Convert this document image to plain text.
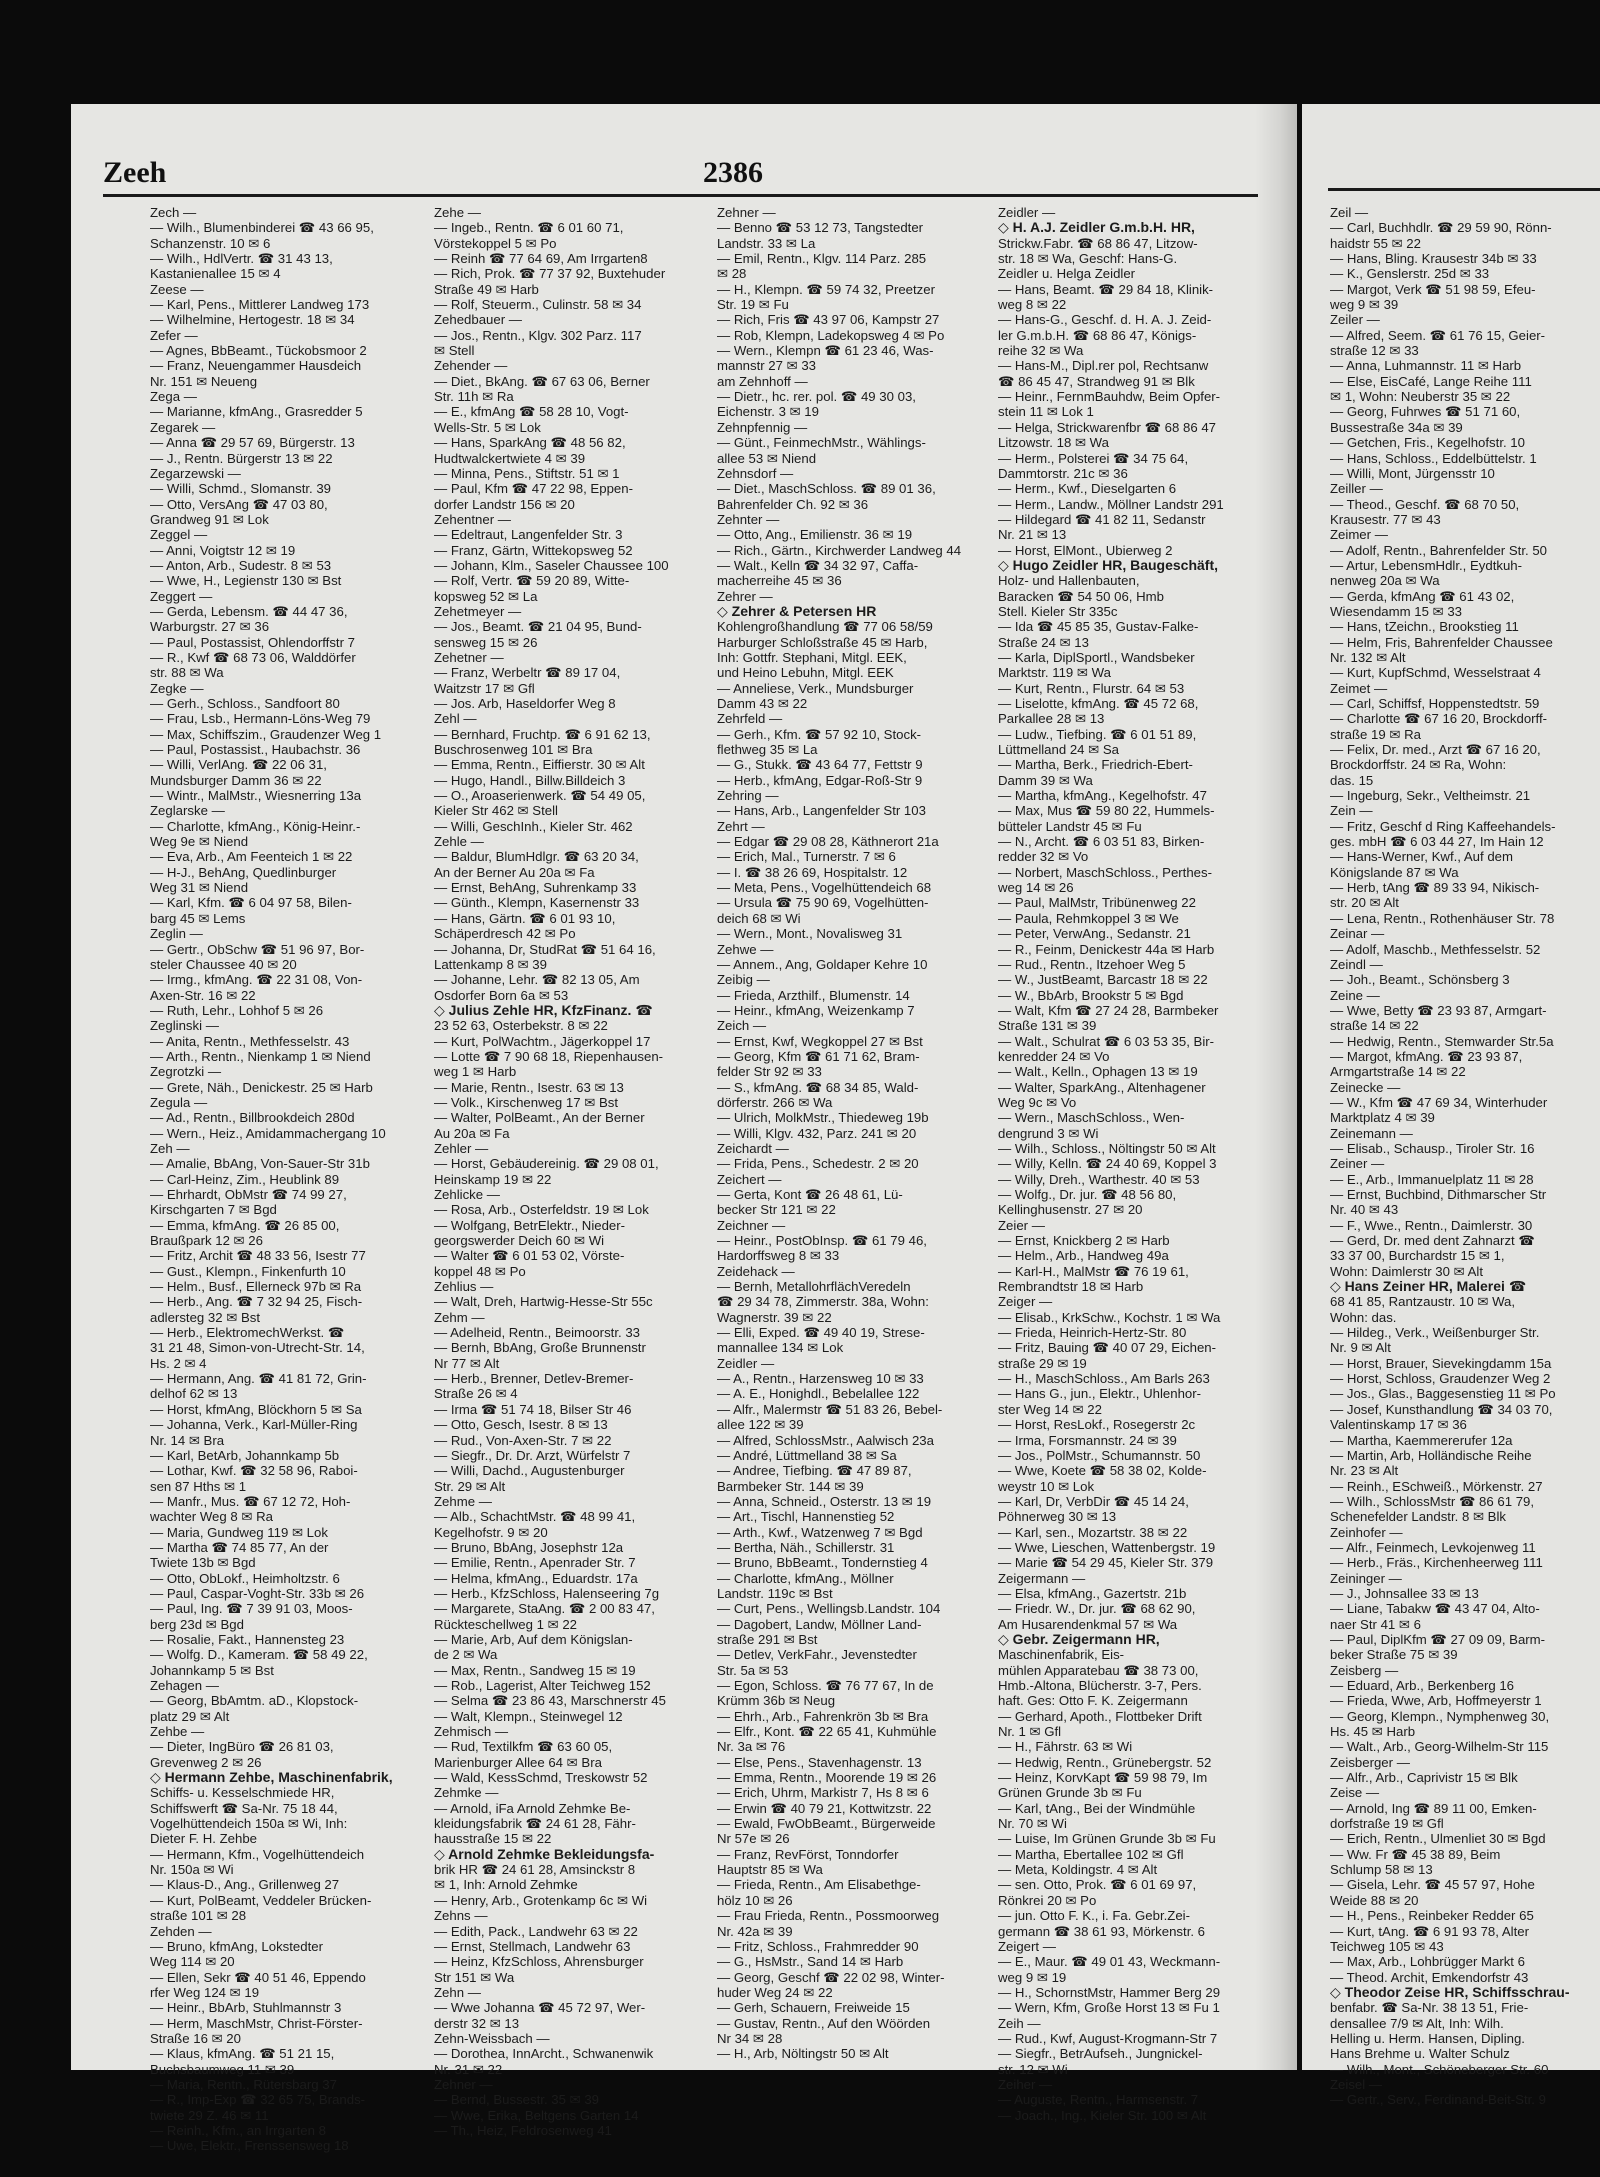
Zeeh	2386
Zech —
— Wilh., Blumenbinderei ☎ 43 66 95,
Schanzenstr. 10 ✉ 6
— Wilh., HdlVertr. ☎ 31 43 13,
Kastanienallee 15 ✉ 4
Zeese —
— Karl, Pens., Mittlerer Landweg 173
— Wilhelmine, Hertogestr. 18 ✉ 34
Zefer —
— Agnes, BbBeamt., Tückobsmoor 2
— Franz, Neuengammer Hausdeich
Nr. 151 ✉ Neueng
Zega —
— Marianne, kfmAng., Grasredder 5
Zegarek —
— Anna ☎ 29 57 69, Bürgerstr. 13
— J., Rentn. Bürgerstr 13 ✉ 22
Zegarzewski —
— Willi, Schmd., Slomanstr. 39
— Otto, VersAng ☎ 47 03 80,
Grandweg 91 ✉ Lok
Zeggel —
— Anni, Voigtstr 12 ✉ 19
— Anton, Arb., Sudestr. 8 ✉ 53
— Wwe, H., Legienstr 130 ✉ Bst
Zeggert —
— Gerda, Lebensm. ☎ 44 47 36,
Warburgstr. 27 ✉ 36
— Paul, Postassist, Ohlendorffstr 7
— R., Kwf ☎ 68 73 06, Walddörfer
str. 88 ✉ Wa
Zegke —
— Gerh., Schloss., Sandfoort 80
— Frau, Lsb., Hermann-Löns-Weg 79
— Max, Schiffszim., Graudenzer Weg 1
— Paul, Postassist., Haubachstr. 36
— Willi, VerlAng. ☎ 22 06 31,
Mundsburger Damm 36 ✉ 22
— Wintr., MalMstr., Wiesnerring 13a
Zeglarske —
— Charlotte, kfmAng., König-Heinr.-
Weg 9e ✉ Niend
— Eva, Arb., Am Feenteich 1 ✉ 22
— H-J., BehAng, Quedlinburger
Weg 31 ✉ Niend
— Karl, Kfm. ☎ 6 04 97 58, Bilen-
barg 45 ✉ Lems
Zeglin —
— Gertr., ObSchw ☎ 51 96 97, Bor-
steler Chaussee 40 ✉ 20
— Irmg., kfmAng. ☎ 22 31 08, Von-
Axen-Str. 16 ✉ 22
— Ruth, Lehr., Lohhof 5 ✉ 26
Zeglinski —
— Anita, Rentn., Methfesselstr. 43
— Arth., Rentn., Nienkamp 1 ✉ Niend
Zegrotzki —
— Grete, Näh., Denickestr. 25 ✉ Harb
Zegula —
— Ad., Rentn., Billbrookdeich 280d
— Wern., Heiz., Amidammachergang 10
Zeh —
— Amalie, BbAng, Von-Sauer-Str 31b
— Carl-Heinz, Zim., Heublink 89
— Ehrhardt, ObMstr ☎ 74 99 27,
Kirschgarten 7 ✉ Bgd
— Emma, kfmAng. ☎ 26 85 00,
Braußpark 12 ✉ 26
— Fritz, Archit ☎ 48 33 56, Isestr 77
— Gust., Klempn., Finkenfurth 10
— Helm., Busf., Ellerneck 97b ✉ Ra
— Herb., Ang. ☎ 7 32 94 25, Fisch-
adlersteg 32 ✉ Bst
— Herb., ElektromechWerkst. ☎
31 21 48, Simon-von-Utrecht-Str. 14,
Hs. 2 ✉ 4
— Hermann, Ang. ☎ 41 81 72, Grin-
delhof 62 ✉ 13
— Horst, kfmAng, Blöckhorn 5 ✉ Sa
— Johanna, Verk., Karl-Müller-Ring
Nr. 14 ✉ Bra
— Karl, BetArb, Johannkamp 5b
— Lothar, Kwf. ☎ 32 58 96, Raboi-
sen 87 Hths ✉ 1
— Manfr., Mus. ☎ 67 12 72, Hoh-
wachter Weg 8 ✉ Ra
— Maria, Gundweg 119 ✉ Lok
— Martha ☎ 74 85 77, An der
Twiete 13b ✉ Bgd
— Otto, ObLokf., Heimholtzstr. 6
— Paul, Caspar-Voght-Str. 33b ✉ 26
— Paul, Ing. ☎ 7 39 91 03, Moos-
berg 23d ✉ Bgd
— Rosalie, Fakt., Hannensteg 23
— Wolfg. D., Kameram. ☎ 58 49 22,
Johannkamp 5 ✉ Bst
Zehagen —
— Georg, BbAmtm. aD., Klopstock-
platz 29 ✉ Alt
Zehbe —
— Dieter, IngBüro ☎ 26 81 03,
Grevenweg 2 ✉ 26
◇ Hermann Zehbe, Maschinenfabrik,
Schiffs- u. Kesselschmiede HR,
Schiffswerft ☎ Sa-Nr. 75 18 44,
Vogelhüttendeich 150a ✉ Wi, Inh:
Dieter F. H. Zehbe
— Hermann, Kfm., Vogelhüttendeich
Nr. 150a ✉ Wi
— Klaus-D., Ang., Grillenweg 27
— Kurt, PolBeamt, Veddeler Brücken-
straße 101 ✉ 28
Zehden —
— Bruno, kfmAng, Lokstedter
Weg 114 ✉ 20
— Ellen, Sekr ☎ 40 51 46, Eppendo
rfer Weg 124 ✉ 19
— Heinr., BbArb, Stuhlmannstr 3
— Herm, MaschMstr, Christ-Förster-
Straße 16 ✉ 20
— Klaus, kfmAng. ☎ 51 21 15,
Buchsbaumweg 11 ✉ 39
— Maria, Rentn., Rütersbarg 37
— R., Imp-Exp ☎ 32 65 75, Brands-
twiete 29 Z. 46 ✉ 11
— Reinh., Kfm., an Irrgarten 8
— Uwe, Elektr., Frenssensweg 18
Zehe —
— Ingeb., Rentn. ☎ 6 01 60 71,
Vörstekoppel 5 ✉ Po
— Reinh ☎ 77 64 69, Am Irrgarten8
— Rich, Prok. ☎ 77 37 92, Buxtehuder
Straße 49 ✉ Harb
— Rolf, Steuerm., Culinstr. 58 ✉ 34
Zehedbauer —
— Jos., Rentn., Klgv. 302 Parz. 117
✉ Stell
Zehender —
— Diet., BkAng. ☎ 67 63 06, Berner
Str. 11h ✉ Ra
— E., kfmAng ☎ 58 28 10, Vogt-
Wells-Str. 5 ✉ Lok
— Hans, SparkAng ☎ 48 56 82,
Hudtwalckertwiete 4 ✉ 39
— Minna, Pens., Stiftstr. 51 ✉ 1
— Paul, Kfm ☎ 47 22 98, Eppen-
dorfer Landstr 156 ✉ 20
Zehentner —
— Edeltraut, Langenfelder Str. 3
— Franz, Gärtn, Wittekopsweg 52
— Johann, Klm., Saseler Chaussee 100
— Rolf, Vertr. ☎ 59 20 89, Witte-
kopsweg 52 ✉ La
Zehetmeyer —
— Jos., Beamt. ☎ 21 04 95, Bund-
sensweg 15 ✉ 26
Zehetner —
— Franz, Werbeltr ☎ 89 17 04,
Waitzstr 17 ✉ Gfl
— Jos. Arb, Haseldorfer Weg 8
Zehl —
— Bernhard, Fruchtp. ☎ 6 91 62 13,
Buschrosenweg 101 ✉ Bra
— Emma, Rentn., Eiffierstr. 30 ✉ Alt
— Hugo, Handl., Billw.Billdeich 3
— O., Aroaserienwerk. ☎ 54 49 05,
Kieler Str 462 ✉ Stell
— Willi, GeschInh., Kieler Str. 462
Zehle —
— Baldur, BlumHdlgr. ☎ 63 20 34,
An der Berner Au 20a ✉ Fa
— Ernst, BehAng, Suhrenkamp 33
— Günth., Klempn, Kasernenstr 33
— Hans, Gärtn. ☎ 6 01 93 10,
Schäperdresch 42 ✉ Po
— Johanna, Dr, StudRat ☎ 51 64 16,
Lattenkamp 8 ✉ 39
— Johanne, Lehr. ☎ 82 13 05, Am
Osdorfer Born 6a ✉ 53
◇ Julius Zehle HR, KfzFinanz. ☎
23 52 63, Osterbekstr. 8 ✉ 22
— Kurt, PolWachtm., Jägerkoppel 17
— Lotte ☎ 7 90 68 18, Riepenhausen-
weg 1 ✉ Harb
— Marie, Rentn., Isestr. 63 ✉ 13
— Volk., Kirschenweg 17 ✉ Bst
— Walter, PolBeamt., An der Berner
Au 20a ✉ Fa
Zehler —
— Horst, Gebäudereinig. ☎ 29 08 01,
Heinskamp 19 ✉ 22
Zehlicke —
— Rosa, Arb., Osterfeldstr. 19 ✉ Lok
— Wolfgang, BetrElektr., Nieder-
georgswerder Deich 60 ✉ Wi
— Walter ☎ 6 01 53 02, Vörste-
koppel 48 ✉ Po
Zehlius —
— Walt, Dreh, Hartwig-Hesse-Str 55c
Zehm —
— Adelheid, Rentn., Beimoorstr. 33
— Bernh, BbAng, Große Brunnenstr
Nr 77 ✉ Alt
— Herb., Brenner, Detlev-Bremer-
Straße 26 ✉ 4
— Irma ☎ 51 74 18, Bilser Str 46
— Otto, Gesch, Isestr. 8 ✉ 13
— Rud., Von-Axen-Str. 7 ✉ 22
— Siegfr., Dr. Dr. Arzt, Würfelstr 7
— Willi, Dachd., Augustenburger
Str. 29 ✉ Alt
Zehme —
— Alb., SchachtMstr. ☎ 48 99 41,
Kegelhofstr. 9 ✉ 20
— Bruno, BbAng, Josephstr 12a
— Emilie, Rentn., Apenrader Str. 7
— Helma, kfmAng., Eduardstr. 17a
— Herb., KfzSchloss, Halenseering 7g
— Margarete, StaAng. ☎ 2 00 83 47,
Rückteschellweg 1 ✉ 22
— Marie, Arb, Auf dem Königslan-
de 2 ✉ Wa
— Max, Rentn., Sandweg 15 ✉ 19
— Rob., Lagerist, Alter Teichweg 152
— Selma ☎ 23 86 43, Marschnerstr 45
— Walt, Klempn., Steinwegel 12
Zehmisch —
— Rud, Textilkfm ☎ 63 60 05,
Marienburger Allee 64 ✉ Bra
— Wald, KessSchmd, Treskowstr 52
Zehmke —
— Arnold, iFa Arnold Zehmke Be-
kleidungsfabrik ☎ 24 61 28, Fähr-
hausstraße 15 ✉ 22
◇ Arnold Zehmke Bekleidungsfa-
brik HR ☎ 24 61 28, Amsinckstr 8
✉ 1, Inh: Arnold Zehmke
— Henry, Arb., Grotenkamp 6c ✉ Wi
Zehns —
— Edith, Pack., Landwehr 63 ✉ 22
— Ernst, Stellmach, Landwehr 63
— Heinz, KfzSchloss, Ahrensburger
Str 151 ✉ Wa
Zehn —
— Wwe Johanna ☎ 45 72 97, Wer-
derstr 32 ✉ 13
Zehn-Weissbach —
— Dorothea, InnArcht., Schwanenwik
Nr. 31 ✉ 22
Zehner —
— Bernd, Bussestr. 35 ✉ 39
— Wwe, Erika, Beltgens Garten 14
— Th., Heiz, Feldrosenweg 41
Zehner —
— Benno ☎ 53 12 73, Tangstedter
Landstr. 33 ✉ La
— Emil, Rentn., Klgv. 114 Parz. 285
✉ 28
— H., Klempn. ☎ 59 74 32, Preetzer
Str. 19 ✉ Fu
— Rich, Fris ☎ 43 97 06, Kampstr 27
— Rob, Klempn, Ladekopsweg 4 ✉ Po
— Wern., Klempn ☎ 61 23 46, Was-
mannstr 27 ✉ 33
am Zehnhoff —
— Dietr., hc. rer. pol. ☎ 49 30 03,
Eichenstr. 3 ✉ 19
Zehnpfennig —
— Günt., FeinmechMstr., Wählings-
allee 53 ✉ Niend
Zehnsdorf —
— Diet., MaschSchloss. ☎ 89 01 36,
Bahrenfelder Ch. 92 ✉ 36
Zehnter —
— Otto, Ang., Emilienstr. 36 ✉ 19
— Rich., Gärtn., Kirchwerder Landweg 44
— Walt., Kelln ☎ 34 32 97, Caffa-
macherreihe 45 ✉ 36
Zehrer —
◇ Zehrer & Petersen HR
Kohlengroßhandlung ☎ 77 06 58/59
Harburger Schloßstraße 45 ✉ Harb,
Inh: Gottfr. Stephani, Mitgl. EEK,
und Heino Lebuhn, Mitgl. EEK
— Anneliese, Verk., Mundsburger
Damm 43 ✉ 22
Zehrfeld —
— Gerh., Kfm. ☎ 57 92 10, Stock-
flethweg 35 ✉ La
— G., Stukk. ☎ 43 64 77, Fettstr 9
— Herb., kfmAng, Edgar-Roß-Str 9
Zehring —
— Hans, Arb., Langenfelder Str 103
Zehrt —
— Edgar ☎ 29 08 28, Käthnerort 21a
— Erich, Mal., Turnerstr. 7 ✉ 6
— I. ☎ 38 26 69, Hospitalstr. 12
— Meta, Pens., Vogelhüttendeich 68
— Ursula ☎ 75 90 69, Vogelhütten-
deich 68 ✉ Wi
— Wern., Mont., Novalisweg 31
Zehwe —
— Annem., Ang, Goldaper Kehre 10
Zeibig —
— Frieda, Arzthilf., Blumenstr. 14
— Heinr., kfmAng, Weizenkamp 7
Zeich —
— Ernst, Kwf, Wegkoppel 27 ✉ Bst
— Georg, Kfm ☎ 61 71 62, Bram-
felder Str 92 ✉ 33
— S., kfmAng. ☎ 68 34 85, Wald-
dörferstr. 266 ✉ Wa
— Ulrich, MolkMstr., Thiedeweg 19b
— Willi, Klgv. 432, Parz. 241 ✉ 20
Zeichardt —
— Frida, Pens., Schedestr. 2 ✉ 20
Zeichert —
— Gerta, Kont ☎ 26 48 61, Lü-
becker Str 121 ✉ 22
Zeichner —
— Heinr., PostObInsp. ☎ 61 79 46,
Hardorffsweg 8 ✉ 33
Zeidehack —
— Bernh, MetallohrflächVeredeln
☎ 29 34 78, Zimmerstr. 38a, Wohn:
Wagnerstr. 39 ✉ 22
— Elli, Exped. ☎ 49 40 19, Strese-
mannallee 134 ✉ Lok
Zeidler —
— A., Rentn., Harzensweg 10 ✉ 33
— A. E., Honighdl., Bebelallee 122
— Alfr., Malermstr ☎ 51 83 26, Bebel-
allee 122 ✉ 39
— Alfred, SchlossMstr., Aalwisch 23a
— André, Lüttmelland 38 ✉ Sa
— Andree, Tiefbing. ☎ 47 89 87,
Barmbeker Str. 144 ✉ 39
— Anna, Schneid., Osterstr. 13 ✉ 19
— Art., Tischl, Hannenstieg 52
— Arth., Kwf., Watzenweg 7 ✉ Bgd
— Bertha, Näh., Schillerstr. 31
— Bruno, BbBeamt., Tondernstieg 4
— Charlotte, kfmAng., Möllner
Landstr. 119c ✉ Bst
— Curt, Pens., Wellingsb.Landstr. 104
— Dagobert, Landw, Möllner Land-
straße 291 ✉ Bst
— Detlev, VerkFahr., Jevenstedter
Str. 5a ✉ 53
— Egon, Schloss. ☎ 76 77 67, In de
Krümm 36b ✉ Neug
— Ehrh., Arb., Fahrenkrön 3b ✉ Bra
— Elfr., Kont. ☎ 22 65 41, Kuhmühle
Nr. 3a ✉ 76
— Else, Pens., Stavenhagenstr. 13
— Emma, Rentn., Moorende 19 ✉ 26
— Erich, Uhrm, Markistr 7, Hs 8 ✉ 6
— Erwin ☎ 40 79 21, Kottwitzstr. 22
— Ewald, FwObBeamt., Bürgerweide
Nr 57e ✉ 26
— Franz, RevFörst, Tonndorfer
Hauptstr 85 ✉ Wa
— Frieda, Rentn., Am Elisabethge-
hölz 10 ✉ 26
— Frau Frieda, Rentn., Possmoorweg
Nr. 42a ✉ 39
— Fritz, Schloss., Frahmredder 90
— G., HsMstr., Sand 14 ✉ Harb
— Georg, Geschf ☎ 22 02 98, Winter-
huder Weg 24 ✉ 22
— Gerh, Schauern, Freiweide 15
— Gustav, Rentn., Auf den Wöörden
Nr 34 ✉ 28
— H., Arb, Nöltingstr 50 ✉ Alt
Zeidler —
◇ H. A.J. Zeidler G.m.b.H. HR,
Strickw.Fabr. ☎ 68 86 47, Litzow-
str. 18 ✉ Wa, Geschf: Hans-G.
Zeidler u. Helga Zeidler
— Hans, Beamt. ☎ 29 84 18, Klinik-
weg 8 ✉ 22
— Hans-G., Geschf. d. H. A. J. Zeid-
ler G.m.b.H. ☎ 68 86 47, Königs-
reihe 32 ✉ Wa
— Hans-M., Dipl.rer pol, Rechtsanw
☎ 86 45 47, Strandweg 91 ✉ Blk
— Heinr., FernmBauhdw, Beim Opfer-
stein 11 ✉ Lok 1
— Helga, Strickwarenfbr ☎ 68 86 47
Litzowstr. 18 ✉ Wa
— Herm., Polsterei ☎ 34 75 64,
Dammtorstr. 21c ✉ 36
— Herm., Kwf., Dieselgarten 6
— Herm., Landw., Möllner Landstr 291
— Hildegard ☎ 41 82 11, Sedanstr
Nr. 21 ✉ 13
— Horst, ElMont., Ubierweg 2
◇ Hugo Zeidler HR, Baugeschäft,
Holz- und Hallenbauten,
Baracken ☎ 54 50 06, Hmb
Stell. Kieler Str 335c
— Ida ☎ 45 85 35, Gustav-Falke-
Straße 24 ✉ 13
— Karla, DiplSportl., Wandsbeker
Marktstr. 119 ✉ Wa
— Kurt, Rentn., Flurstr. 64 ✉ 53
— Liselotte, kfmAng. ☎ 45 72 68,
Parkallee 28 ✉ 13
— Ludw., Tiefbing. ☎ 6 01 51 89,
Lüttmelland 24 ✉ Sa
— Martha, Berk., Friedrich-Ebert-
Damm 39 ✉ Wa
— Martha, kfmAng., Kegelhofstr. 47
— Max, Mus ☎ 59 80 22, Hummels-
bütteler Landstr 45 ✉ Fu
— N., Archt. ☎ 6 03 51 83, Birken-
redder 32 ✉ Vo
— Norbert, MaschSchloss., Perthes-
weg 14 ✉ 26
— Paul, MalMstr, Tribünenweg 22
— Paula, Rehmkoppel 3 ✉ We
— Peter, VerwAng., Sedanstr. 21
— R., Feinm, Denickestr 44a ✉ Harb
— Rud., Rentn., Itzehoer Weg 5
— W., JustBeamt, Barcastr 18 ✉ 22
— W., BbArb, Brookstr 5 ✉ Bgd
— Walt, Kfm ☎ 27 24 28, Barmbeker
Straße 131 ✉ 39
— Walt., Schulrat ☎ 6 03 53 35, Bir-
kenredder 24 ✉ Vo
— Walt., Kelln., Ophagen 13 ✉ 19
— Walter, SparkAng., Altenhagener
Weg 9c ✉ Vo
— Wern., MaschSchloss., Wen-
dengrund 3 ✉ Wi
— Wilh., Schloss., Nöltingstr 50 ✉ Alt
— Willy, Kelln. ☎ 24 40 69, Koppel 3
— Willy, Dreh., Warthestr. 40 ✉ 53
— Wolfg., Dr. jur. ☎ 48 56 80,
Kellinghusenstr. 27 ✉ 20
Zeier —
— Ernst, Knickberg 2 ✉ Harb
— Helm., Arb., Handweg 49a
— Karl-H., MalMstr ☎ 76 19 61,
Rembrandtstr 18 ✉ Harb
Zeiger —
— Elisab., KrkSchw., Kochstr. 1 ✉ Wa
— Frieda, Heinrich-Hertz-Str. 80
— Fritz, Bauing ☎ 40 07 29, Eichen-
straße 29 ✉ 19
— H., MaschSchloss., Am Barls 263
— Hans G., jun., Elektr., Uhlenhor-
ster Weg 14 ✉ 22
— Horst, ResLokf., Rosegerstr 2c
— Irma, Forsmannstr. 24 ✉ 39
— Jos., PolMstr., Schumannstr. 50
— Wwe, Koete ☎ 58 38 02, Kolde-
weystr 10 ✉ Lok
— Karl, Dr, VerbDir ☎ 45 14 24,
Pöhnerweg 30 ✉ 13
— Karl, sen., Mozartstr. 38 ✉ 22
— Wwe, Lieschen, Wattenbergstr. 19
— Marie ☎ 54 29 45, Kieler Str. 379
Zeigermann —
— Elsa, kfmAng., Gazertstr. 21b
— Friedr. W., Dr. jur. ☎ 68 62 90,
Am Husarendenkmal 57 ✉ Wa
◇ Gebr. Zeigermann HR,
Maschinenfabrik, Eis-
mühlen Apparatebau ☎ 38 73 00,
Hmb.-Altona, Blücherstr. 3-7, Pers.
haft. Ges: Otto F. K. Zeigermann
— Gerhard, Apoth., Flottbeker Drift
Nr. 1 ✉ Gfl
— H., Fährstr. 63 ✉ Wi
— Hedwig, Rentn., Grünebergstr. 52
— Heinz, KorvKapt ☎ 59 98 79, Im
Grünen Grunde 3b ✉ Fu
— Karl, tAng., Bei der Windmühle
Nr. 70 ✉ Wi
— Luise, Im Grünen Grunde 3b ✉ Fu
— Martha, Ebertallee 102 ✉ Gfl
— Meta, Koldingstr. 4 ✉ Alt
— sen. Otto, Prok. ☎ 6 01 69 97,
Rönkrei 20 ✉ Po
— jun. Otto F. K., i. Fa. Gebr.Zei-
germann ☎ 38 61 93, Mörkenstr. 6
Zeigert —
— E., Maur. ☎ 49 01 43, Weckmann-
weg 9 ✉ 19
— H., SchornstMstr, Hammer Berg 29
— Wern, Kfm, Große Horst 13 ✉ Fu 1
Zeih —
— Rud., Kwf, August-Krogmann-Str 7
— Siegfr., BetrAufseh., Jungnickel-
str. 12 ✉ Wi
Zeiher —
— Auguste, Rentn., Harmsenstr. 7
— Joach., Ing., Kieler Str. 100 ✉ Alt
Zeil —
— Carl, Buchhdlr. ☎ 29 59 90, Rönn-
haidstr 55 ✉ 22
— Hans, Bling. Krausestr 34b ✉ 33
— K., Genslerstr. 25d ✉ 33
— Margot, Verk ☎ 51 98 59, Efeu-
weg 9 ✉ 39
Zeiler —
— Alfred, Seem. ☎ 61 76 15, Geier-
straße 12 ✉ 33
— Anna, Luhmannstr. 11 ✉ Harb
— Else, EisCafé, Lange Reihe 111
✉ 1, Wohn: Neuberstr 35 ✉ 22
— Georg, Fuhrwes ☎ 51 71 60,
Bussestraße 34a ✉ 39
— Getchen, Fris., Kegelhofstr. 10
— Hans, Schloss., Eddelbüttelstr. 1
— Willi, Mont, Jürgensstr 10
Zeiller —
— Theod., Geschf. ☎ 68 70 50,
Krausestr. 77 ✉ 43
Zeimer —
— Adolf, Rentn., Bahrenfelder Str. 50
— Artur, LebensmHdlr., Eydtkuh-
nenweg 20a ✉ Wa
— Gerda, kfmAng ☎ 61 43 02,
Wiesendamm 15 ✉ 33
— Hans, tZeichn., Brookstieg 11
— Helm, Fris, Bahrenfelder Chaussee
Nr. 132 ✉ Alt
— Kurt, KupfSchmd, Wesselstraat 4
Zeimet —
— Carl, Schiffsf, Hoppenstedtstr. 59
— Charlotte ☎ 67 16 20, Brockdorff-
straße 19 ✉ Ra
— Felix, Dr. med., Arzt ☎ 67 16 20,
Brockdorffstr. 24 ✉ Ra, Wohn:
das. 15
— Ingeburg, Sekr., Veltheimstr. 21
Zein —
— Fritz, Geschf d Ring Kaffeehandels-
ges. mbH ☎ 6 03 44 27, Im Hain 12
— Hans-Werner, Kwf., Auf dem
Königslande 87 ✉ Wa
— Herb, tAng ☎ 89 33 94, Nikisch-
str. 20 ✉ Alt
— Lena, Rentn., Rothenhäuser Str. 78
Zeinar —
— Adolf, Maschb., Methfesselstr. 52
Zeindl —
— Joh., Beamt., Schönsberg 3
Zeine —
— Wwe, Betty ☎ 23 93 87, Armgart-
straße 14 ✉ 22
— Hedwig, Rentn., Stemwarder Str.5a
— Margot, kfmAng. ☎ 23 93 87,
Armgartstraße 14 ✉ 22
Zeinecke —
— W., Kfm ☎ 47 69 34, Winterhuder
Marktplatz 4 ✉ 39
Zeinemann —
— Elisab., Schausp., Tiroler Str. 16
Zeiner —
— E., Arb., Immanuelplatz 11 ✉ 28
— Ernst, Buchbind, Dithmarscher Str
Nr. 40 ✉ 43
— F., Wwe., Rentn., Daimlerstr. 30
— Gerd, Dr. med dent Zahnarzt ☎
33 37 00, Burchardstr 15 ✉ 1,
Wohn: Daimlerstr 30 ✉ Alt
◇ Hans Zeiner HR, Malerei ☎
68 41 85, Rantzaustr. 10 ✉ Wa,
Wohn: das.
— Hildeg., Verk., Weißenburger Str.
Nr. 9 ✉ Alt
— Horst, Brauer, Sievekingdamm 15a
— Horst, Schloss, Graudenzer Weg 2
— Jos., Glas., Baggesenstieg 11 ✉ Po
— Josef, Kunsthandlung ☎ 34 03 70,
Valentinskamp 17 ✉ 36
— Martha, Kaemmererufer 12a
— Martin, Arb, Holländische Reihe
Nr. 23 ✉ Alt
— Reinh., ESchweiß., Mörkenstr. 27
— Wilh., SchlossMstr ☎ 86 61 79,
Schenefelder Landstr. 8 ✉ Blk
Zeinhofer —
— Alfr., Feinmech, Levkojenweg 11
— Herb., Fräs., Kirchenheerweg 111
Zeininger —
— J., Johnsallee 33 ✉ 13
— Liane, Tabakw ☎ 43 47 04, Alto-
naer Str 41 ✉ 6
— Paul, DiplKfm ☎ 27 09 09, Barm-
beker Straße 75 ✉ 39
Zeisberg —
— Eduard, Arb., Berkenberg 16
— Frieda, Wwe, Arb, Hoffmeyerstr 1
— Georg, Klempn., Nymphenweg 30,
Hs. 45 ✉ Harb
— Walt., Arb., Georg-Wilhelm-Str 115
Zeisberger —
— Alfr., Arb., Caprivistr 15 ✉ Blk
Zeise —
— Arnold, Ing ☎ 89 11 00, Emken-
dorfstraße 19 ✉ Gfl
— Erich, Rentn., Ulmenliet 30 ✉ Bgd
— Ww. Fr ☎ 45 38 89, Beim
Schlump 58 ✉ 13
— Gisela, Lehr. ☎ 45 57 97, Hohe
Weide 88 ✉ 20
— H., Pens., Reinbeker Redder 65
— Kurt, tAng. ☎ 6 91 93 78, Alter
Teichweg 105 ✉ 43
— Max, Arb., Lohbrügger Markt 6
— Theod. Archit, Emkendorfstr 43
◇ Theodor Zeise HR, Schiffsschrau-
benfabr. ☎ Sa-Nr. 38 13 51, Frie-
densallee 7/9 ✉ Alt, Inh: Wilh.
Helling u. Herm. Hansen, Dipling.
Hans Brehme u. Walter Schulz
— Wilh., Mont., Schöneberger Str. 60
Zeisel —
— Gertr., Serv., Ferdinand-Beit-Str. 9
